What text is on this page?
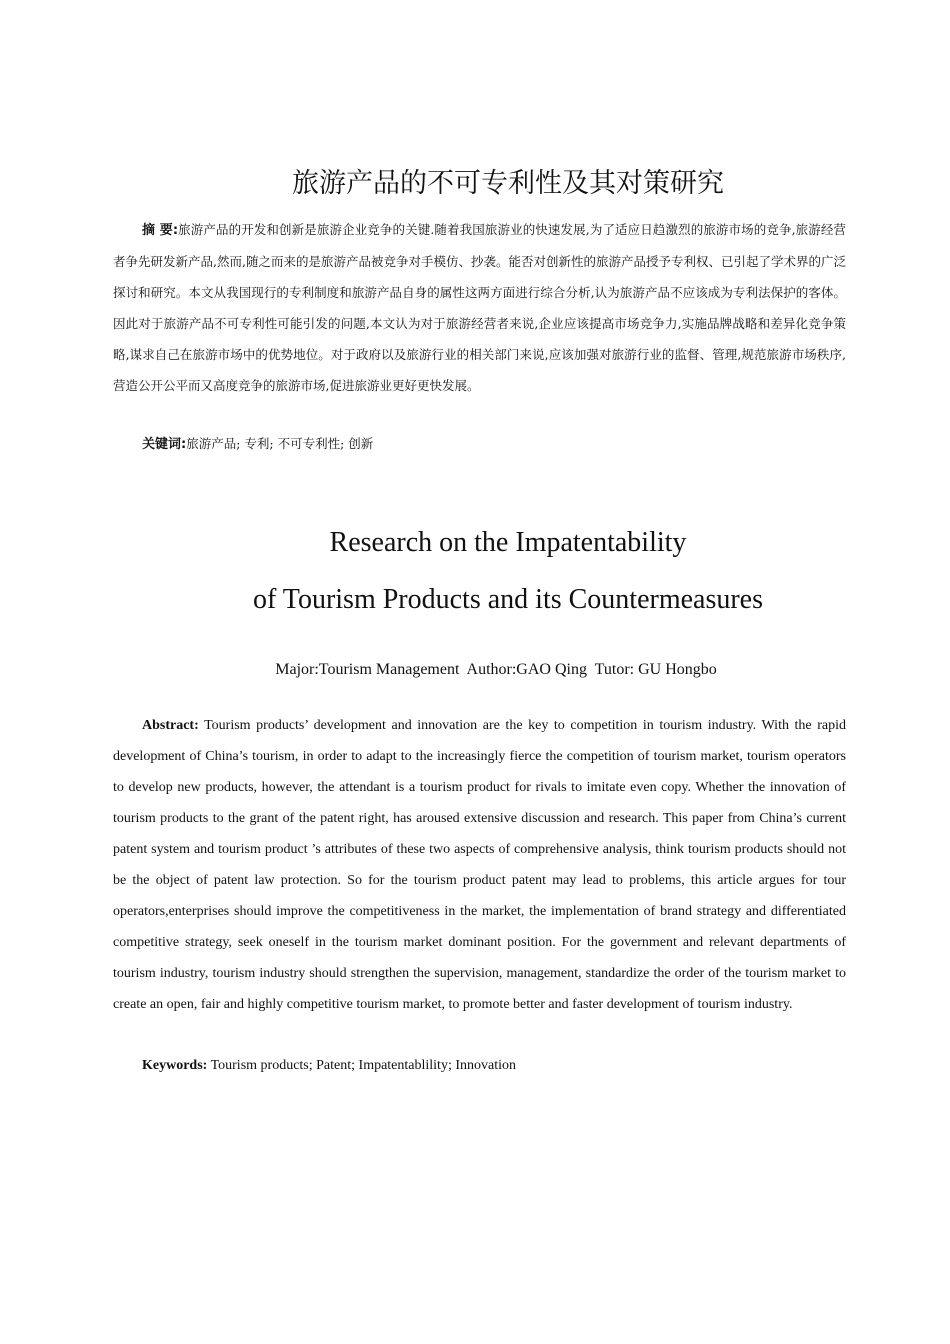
旅游产品的不可专利性及其对策研究

摘 要:旅游产品的开发和创新是旅游企业竞争的关键.随着我国旅游业的快速发展,为了适应日趋激烈的旅游市场的竞争,旅游经营者争先研发新产品,然而,随之而来的是旅游产品被竞争对手模仿、抄袭。能否对创新性的旅游产品授予专利权、已引起了学术界的广泛探讨和研究。本文从我国现行的专利制度和旅游产品自身的属性这两方面进行综合分析,认为旅游产品不应该成为专利法保护的客体。因此对于旅游产品不可专利性可能引发的问题,本文认为对于旅游经营者来说,企业应该提高市场竞争力,实施品牌战略和差异化竞争策略,谋求自己在旅游市场中的优势地位。对于政府以及旅游行业的相关部门来说,应该加强对旅游行业的监督、管理,规范旅游市场秩序,营造公开公平而又高度竞争的旅游市场,促进旅游业更好更快发展。

关键词:旅游产品; 专利; 不可专利性; 创新

Research on the Impatentability
of Tourism Products and its Countermeasures
Major:Tourism Management  Author:GAO Qing  Tutor: GU Hongbo

Abstract: Tourism products’ development and innovation are the key to competition in tourism industry. With the rapid development of China’s tourism, in order to adapt to the increasingly fierce the competition of tourism market, tourism operators to develop new products, however, the attendant is a tourism product for rivals to imitate even copy. Whether the innovation of tourism products to the grant of the patent right, has aroused extensive discussion and research. This paper from China’s current patent system and tourism product ’s attributes of these two aspects of comprehensive analysis, think tourism products should not be the object of patent law protection. So for the tourism product patent may lead to problems, this article argues for tour operators,enterprises should improve the competitiveness in the market, the implementation of brand strategy and differentiated competitive strategy, seek oneself in the tourism market dominant position. For the government and relevant departments of tourism industry, tourism industry should strengthen the supervision, management, standardize the order of the tourism market to create an open, fair and highly competitive tourism market, to promote better and faster development of tourism industry.

Keywords: Tourism products; Patent; Impatentablility; Innovation
